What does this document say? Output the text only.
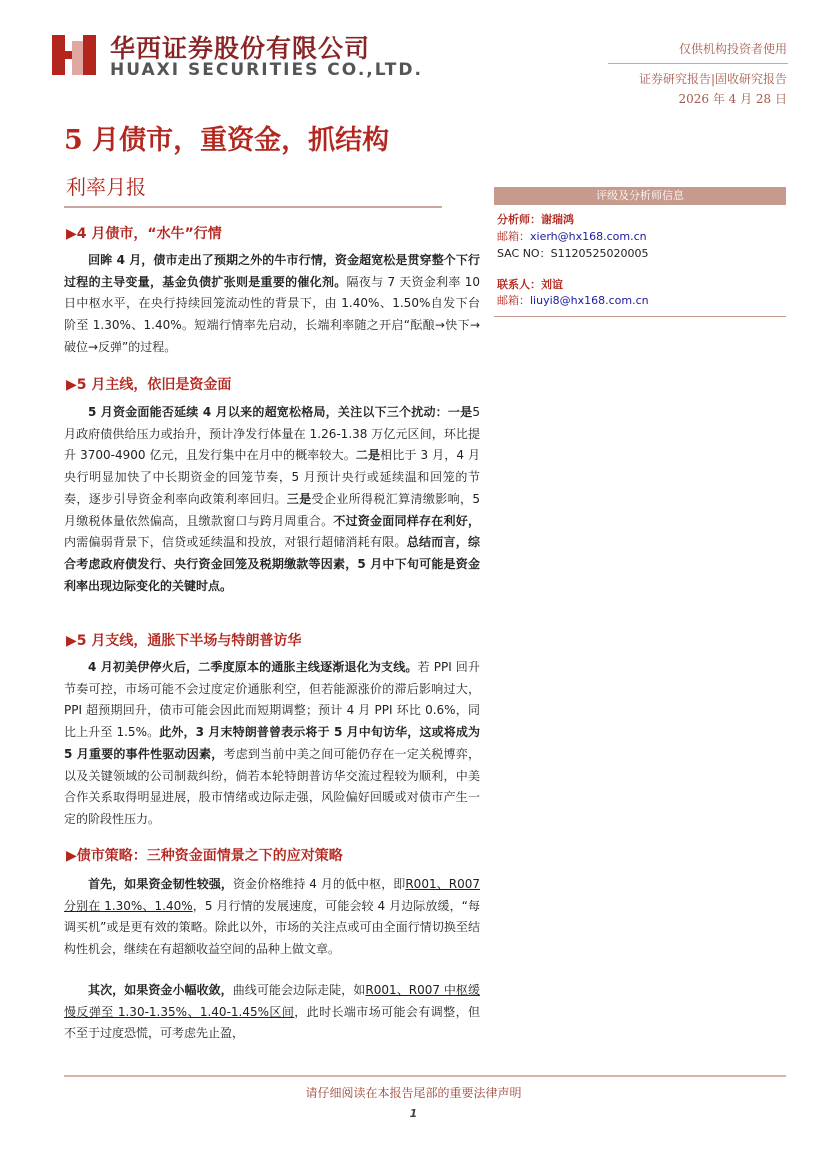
华西证券股份有限公司
HUAXI SECURITIES CO.,LTD.
仅供机构投资者使用
证券研究报告|固收研究报告
2026 年 4 月 28 日
5 月债市，重资金，抓结构
利率月报	评级及分析师信息
分析师：谢瑞鸿
邮箱：xierh@hx168.com.cn
SAC NO：S1120525020005
联系人：刘谊
邮箱：liuyi8@hx168.com.cn
▶4 月债市，“水牛”行情

回眸 4 月，债市走出了预期之外的牛市行情，资金超宽松是贯穿整个下行过程的主导变量，基金负债扩张则是重要的催化剂。隔夜与 7 天资金利率 10 日中枢水平，在央行持续回笼流动性的背景下，由 1.40%、1.50%自发下台阶至 1.30%、1.40%。短端行情率先启动，长端利率随之开启“酝酿→快下→破位→反弹”的过程。

▶5 月主线，依旧是资金面

5 月资金面能否延续 4 月以来的超宽松格局，关注以下三个扰动：一是5 月政府债供给压力或抬升，预计净发行体量在 1.26-1.38 万亿元区间，环比提升 3700-4900 亿元，且发行集中在月中的概率较大。二是相比于 3 月，4 月央行明显加快了中长期资金的回笼节奏，5 月预计央行或延续温和回笼的节奏，逐步引导资金利率向政策利率回归。三是受企业所得税汇算清缴影响，5 月缴税体量依然偏高，且缴款窗口与跨月周重合。不过资金面同样存在利好，内需偏弱背景下，信贷或延续温和投放，对银行超储消耗有限。总结而言，综合考虑政府债发行、央行资金回笼及税期缴款等因素，5 月中下旬可能是资金利率出现边际变化的关键时点。

▶5 月支线，通胀下半场与特朗普访华

4 月初美伊停火后，二季度原本的通胀主线逐渐退化为支线。若 PPI 回升节奏可控，市场可能不会过度定价通胀利空，但若能源涨价的滞后影响过大，PPI 超预期回升，债市可能会因此而短期调整；预计 4 月 PPI 环比 0.6%，同比上升至 1.5%。此外，3 月末特朗普曾表示将于 5 月中旬访华，这或将成为 5 月重要的事件性驱动因素，考虑到当前中美之间可能仍存在一定关税博弈，以及关键领域的公司制裁纠纷，倘若本轮特朗普访华交流过程较为顺利，中美合作关系取得明显进展，股市情绪或边际走强，风险偏好回暖或对债市产生一定的阶段性压力。

▶债市策略：三种资金面情景之下的应对策略

首先，如果资金韧性较强，资金价格维持 4 月的低中枢，即R001、R007 分别在 1.30%、1.40%，5 月行情的发展速度，可能会较 4 月边际放缓，“每调买机”或是更有效的策略。除此以外，市场的关注点或可由全面行情切换至结构性机会，继续在有超额收益空间的品种上做文章。

其次，如果资金小幅收敛，曲线可能会边际走陡，如R001、R007 中枢缓慢反弹至 1.30-1.35%、1.40-1.45%区间，此时长端市场可能会有调整，但不至于过度恐慌，可考虑先止盈，

请仔细阅读在本报告尾部的重要法律声明
1
